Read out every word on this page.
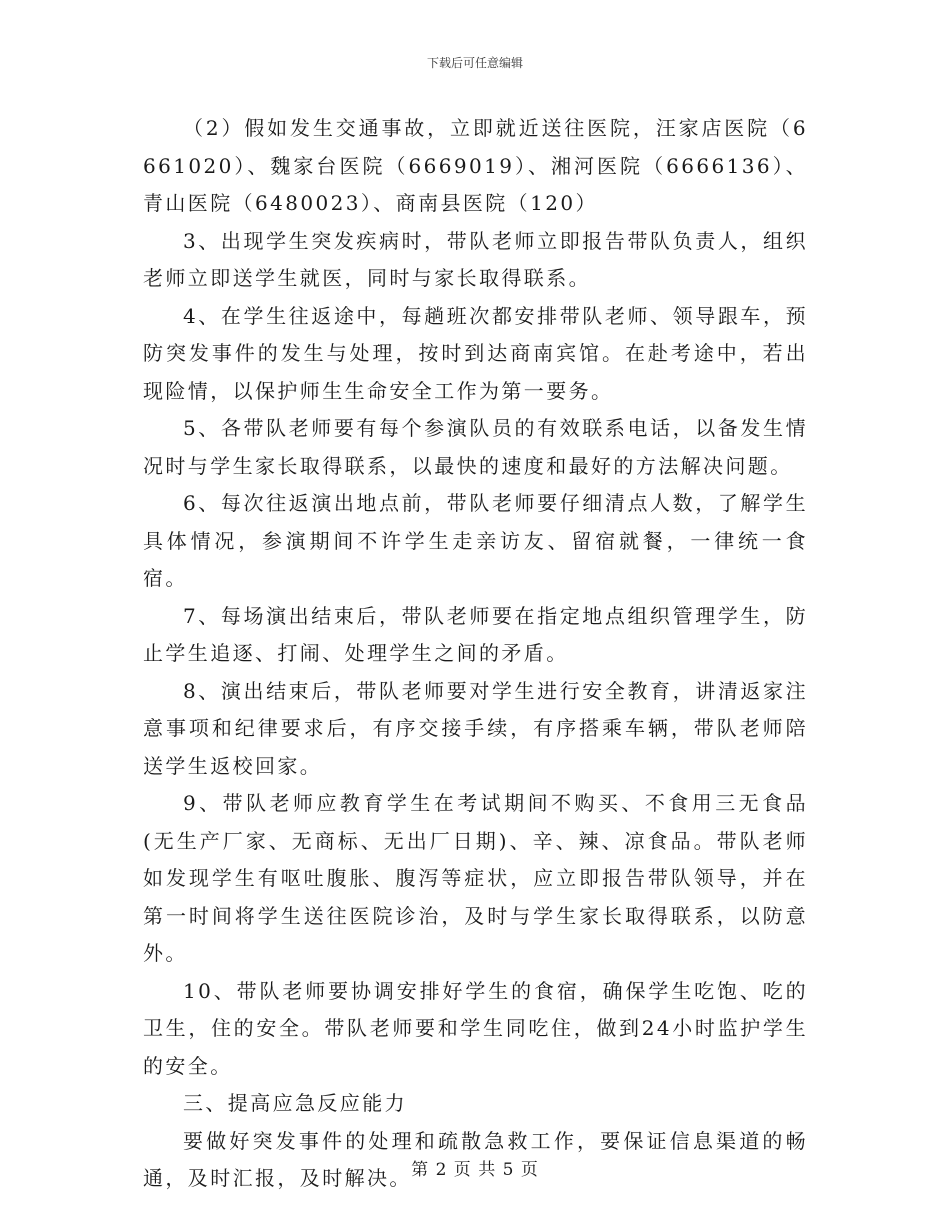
下载后可任意编辑

（2）假如发生交通事故，立即就近送往医院，汪家店医院（6661020）、魏家台医院（6669019）、湘河医院（6666136）、青山医院（6480023）、商南县医院（120）

3、出现学生突发疾病时，带队老师立即报告带队负责人，组织老师立即送学生就医，同时与家长取得联系。

4、在学生往返途中，每趟班次都安排带队老师、领导跟车，预防突发事件的发生与处理，按时到达商南宾馆。在赴考途中，若出现险情，以保护师生生命安全工作为第一要务。

5、各带队老师要有每个参演队员的有效联系电话，以备发生情况时与学生家长取得联系，以最快的速度和最好的方法解决问题。

6、每次往返演出地点前，带队老师要仔细清点人数，了解学生具体情况，参演期间不许学生走亲访友、留宿就餐，一律统一食宿。

7、每场演出结束后，带队老师要在指定地点组织管理学生，防止学生追逐、打闹、处理学生之间的矛盾。

8、演出结束后，带队老师要对学生进行安全教育，讲清返家注意事项和纪律要求后，有序交接手续，有序搭乘车辆，带队老师陪送学生返校回家。

9、带队老师应教育学生在考试期间不购买、不食用三无食品(无生产厂家、无商标、无出厂日期)、辛、辣、凉食品。带队老师如发现学生有呕吐腹胀、腹泻等症状，应立即报告带队领导，并在第一时间将学生送往医院诊治，及时与学生家长取得联系，以防意外。

10、带队老师要协调安排好学生的食宿，确保学生吃饱、吃的卫生，住的安全。带队老师要和学生同吃住，做到24小时监护学生的安全。

三、提高应急反应能力

要做好突发事件的处理和疏散急救工作，要保证信息渠道的畅通，及时汇报，及时解决。 第 2 页 共 5 页
